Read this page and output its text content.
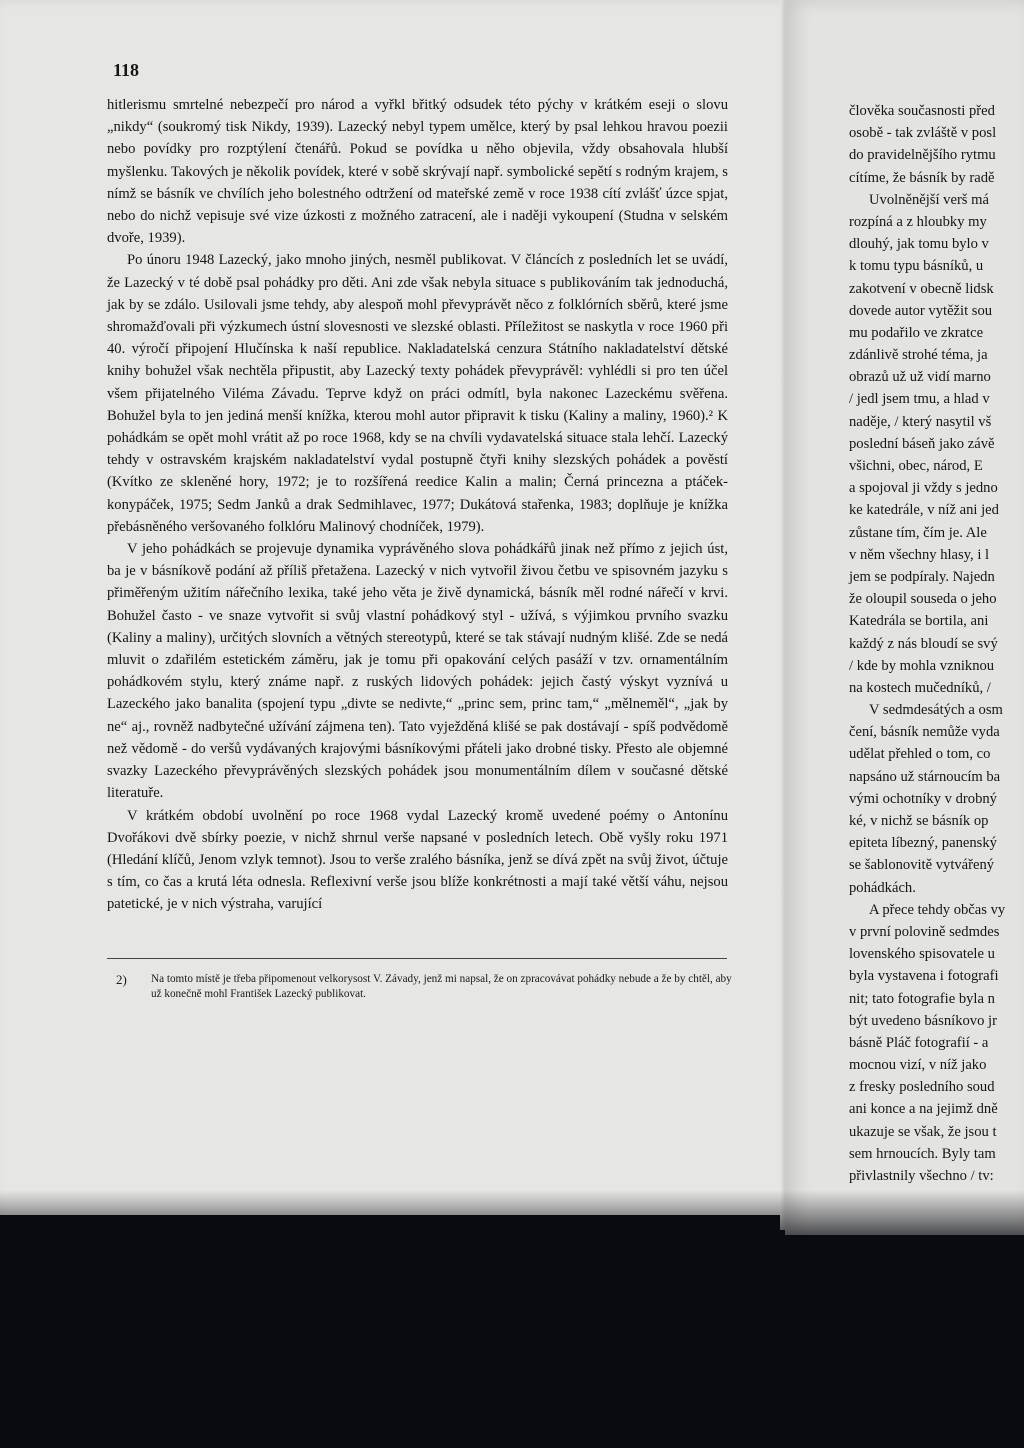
118

hitlerismu smrtelné nebezpečí pro národ a vyřkl břitký odsudek této pýchy v krátkém eseji o slovu „nikdy“ (soukromý tisk Nikdy, 1939). Lazecký nebyl typem umělce, který by psal lehkou hravou poezii nebo povídky pro rozptýlení čtenářů. Pokud se povídka u něho objevila, vždy obsahovala hlubší myšlenku. Takových je několik povídek, které v sobě skrývají např. symbolické sepětí s rodným krajem, s nímž se básník ve chvílích jeho bolestného odtržení od mateřské země v roce 1938 cítí zvlášť úzce spjat, nebo do nichž vepisuje své vize úzkosti z možného zatracení, ale i naději vykoupení (Studna v selském dvoře, 1939).

Po únoru 1948 Lazecký, jako mnoho jiných, nesměl publikovat. V článcích z posledních let se uvádí, že Lazecký v té době psal pohádky pro děti. Ani zde však nebyla situace s publikováním tak jednoduchá, jak by se zdálo. Usilovali jsme tehdy, aby alespoň mohl převyprávět něco z folklórních sběrů, které jsme shromažďovali při výzkumech ústní slovesnosti ve slezské oblasti. Příležitost se naskytla v roce 1960 při 40. výročí připojení Hlučínska k naší republice. Nakladatelská cenzura Státního nakladatelství dětské knihy bohužel však nechtěla připustit, aby Lazecký texty pohádek převyprávěl: vyhlédli si pro ten účel všem přijatelného Viléma Závadu. Teprve když on práci odmítl, byla nakonec Lazeckému svěřena. Bohužel byla to jen jediná menší knížka, kterou mohl autor připravit k tisku (Kaliny a maliny, 1960).² K pohádkám se opět mohl vrátit až po roce 1968, kdy se na chvíli vydavatelská situace stala lehčí. Lazecký tehdy v ostravském krajském nakladatelství vydal postupně čtyři knihy slezských pohádek a pověstí (Kvítko ze skleněné hory, 1972; je to rozšířená reedice Kalin a malin; Černá princezna a ptáček-konypáček, 1975; Sedm Janků a drak Sedmihlavec, 1977; Dukátová stařenka, 1983; doplňuje je knížka přebásněného veršovaného folklóru Malinový chodníček, 1979).

V jeho pohádkách se projevuje dynamika vyprávěného slova pohádkářů jinak než přímo z jejich úst, ba je v básníkově podání až příliš přetažena. Lazecký v nich vytvořil živou četbu ve spisovném jazyku s přiměřeným užitím nářečního lexika, také jeho věta je živě dynamická, básník měl rodné nářečí v krvi. Bohužel často - ve snaze vytvořit si svůj vlastní pohádkový styl - užívá, s výjimkou prvního svazku (Kaliny a maliny), určitých slovních a větných stereotypů, které se tak stávají nudným klišé. Zde se nedá mluvit o zdařilém estetickém záměru, jak je tomu při opakování celých pasáží v tzv. ornamentálním pohádkovém stylu, který známe např. z ruských lidových pohádek: jejich častý výskyt vyznívá u Lazeckého jako banalita (spojení typu „divte se nedivte,“ „princ sem, princ tam,“ „mělneměl“, „jak by ne“ aj., rovněž nadbytečné užívání zájmena ten). Tato vyježděná klišé se pak dostávají - spíš podvědomě než vědomě - do veršů vydávaných krajovými básníkovými přáteli jako drobné tisky. Přesto ale objemné svazky Lazeckého převyprávěných slezských pohádek jsou monumentálním dílem v současné dětské literatuře.

V krátkém období uvolnění po roce 1968 vydal Lazecký kromě uvedené poémy o Antonínu Dvořákovi dvě sbírky poezie, v nichž shrnul verše napsané v posledních letech. Obě vyšly roku 1971 (Hledání klíčů, Jenom vzlyk temnot). Jsou to verše zralého básníka, jenž se dívá zpět na svůj život, účtuje s tím, co čas a krutá léta odnesla. Reflexivní verše jsou blíže konkrétnosti a mají také větší váhu, nejsou patetické, je v nich výstraha, varující

2) Na tomto místě je třeba připomenout velkorysost V. Závady, jenž mi napsal, že on zpracovávat pohádky nebude a že by chtěl, aby už konečně mohl František Lazecký publikovat.
člověka současnosti před
osobě - tak zvláště v posl
do pravidelnějšího rytmu
cítíme, že básník by radě
Uvolněnější verš má
rozpíná a z hloubky my
dlouhý, jak tomu bylo v
k tomu typu básníků, u
zakotvení v obecně lidsk
dovede autor vytěžit sou
mu podařilo ve zkratce
zdánlivě strohé téma, ja
obrazů už už vidí marno
/ jedl jsem tmu, a hlad v
naděje, / který nasytil vš
poslední báseň jako závě
všichni, obec, národ, E
a spojoval ji vždy s jedno
ke katedrále, v níž ani jed
zůstane tím, čím je. Ale
v něm všechny hlasy, i l
jem se podpíraly. Najedn
že oloupil souseda o jeho
Katedrála se bortila, ani
každý z nás bloudí se svý
/ kde by mohla vzniknou
na kostech mučedníků, /
V sedmdesátých a osm
čení, básník nemůže vyda
udělat přehled o tom, co
napsáno už stárnoucím ba
vými ochotníky v drobný
ké, v nichž se básník op
epiteta líbezný, panenský
se šablonovitě vytvářený
pohádkách.
A přece tehdy občas vy
v první polovině sedmdes
lovenského spisovatele u
byla vystavena i fotografi
nit; tato fotografie byla n
být uvedeno básníkovo jr
básně Pláč fotografií - a
mocnou vizí, v níž jako
z fresky posledního soud
ani konce a na jejimž dně
ukazuje se však, že jsou t
sem hrnoucích. Byly tam
přivlastnily všechno / tv:
